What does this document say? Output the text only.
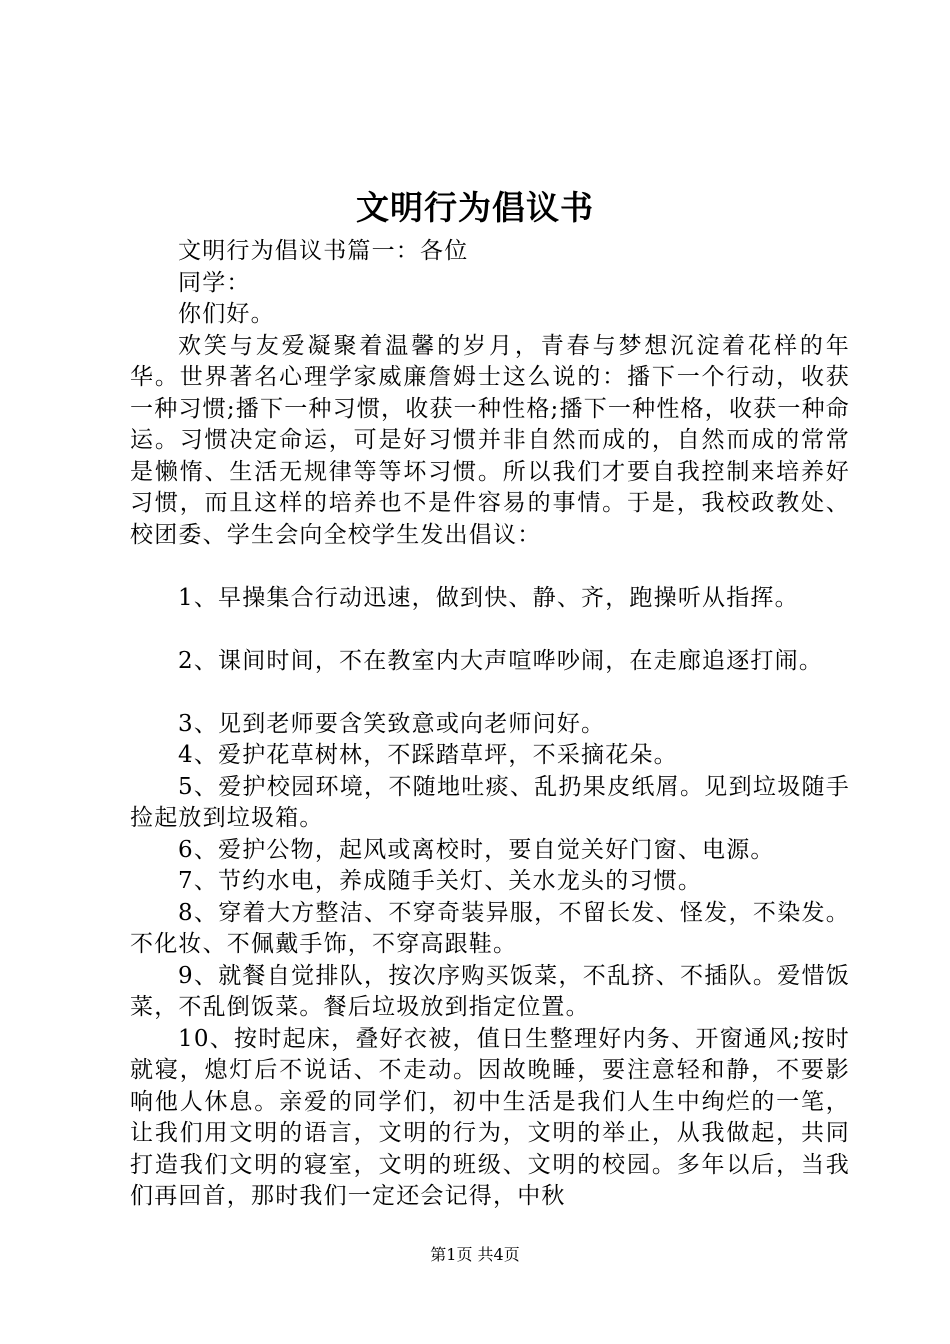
文明行为倡议书

文明行为倡议书篇一：各位

同学：

你们好。

欢笑与友爱凝聚着温馨的岁月，青春与梦想沉淀着花样的年华。世界著名心理学家威廉詹姆士这么说的：播下一个行动，收获一种习惯;播下一种习惯，收获一种性格;播下一种性格，收获一种命运。习惯决定命运，可是好习惯并非自然而成的，自然而成的常常是懒惰、生活无规律等等坏习惯。所以我们才要自我控制来培养好习惯，而且这样的培养也不是件容易的事情。于是，我校政教处、校团委、学生会向全校学生发出倡议：

1、早操集合行动迅速，做到快、静、齐，跑操听从指挥。

2、课间时间，不在教室内大声喧哗吵闹，在走廊追逐打闹。

3、见到老师要含笑致意或向老师问好。

4、爱护花草树林，不踩踏草坪，不采摘花朵。

5、爱护校园环境，不随地吐痰、乱扔果皮纸屑。见到垃圾随手捡起放到垃圾箱。

6、爱护公物，起风或离校时，要自觉关好门窗、电源。

7、节约水电，养成随手关灯、关水龙头的习惯。

8、穿着大方整洁、不穿奇装异服，不留长发、怪发，不染发。不化妆、不佩戴手饰，不穿高跟鞋。

9、就餐自觉排队，按次序购买饭菜，不乱挤、不插队。爱惜饭菜，不乱倒饭菜。餐后垃圾放到指定位置。

10、按时起床，叠好衣被，值日生整理好内务、开窗通风;按时就寝，熄灯后不说话、不走动。因故晚睡，要注意轻和静，不要影响他人休息。亲爱的同学们，初中生活是我们人生中绚烂的一笔，让我们用文明的语言，文明的行为，文明的举止，从我做起，共同打造我们文明的寝室，文明的班级、文明的校园。多年以后，当我们再回首，那时我们一定还会记得，中秋

第1页 共4页
